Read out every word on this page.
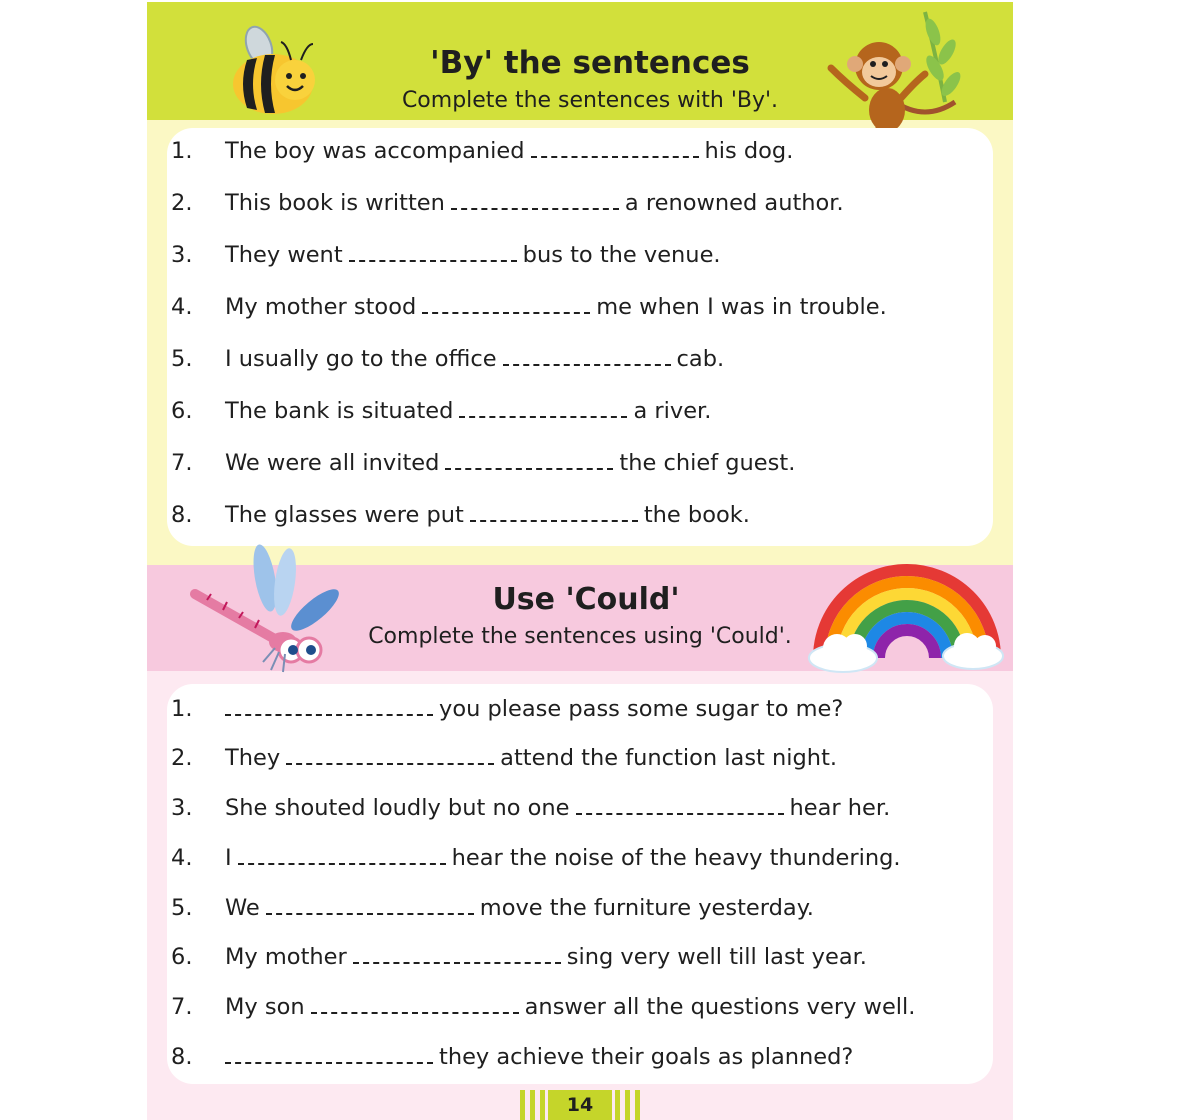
'By' the sentences
Complete the sentences with 'By'.
1. The boy was accompanied	his dog.
2. This book is written	a renowned author.
3. They went	bus to the venue.
4. My mother stood	me when I was in trouble.
5. I usually go to the office	cab.
6. The bank is situated	a river.
7. We were all invited	the chief guest.
8. The glasses were put	the book.
Use 'Could'
Complete the sentences using 'Could'.
1.	you please pass some sugar to me?
2. They	attend the function last night.
3. She shouted loudly but no one	hear her.
4. I	hear the noise of the heavy thundering.
5. We	move the furniture yesterday.
6. My mother	sing very well till last year.
7. My son	answer all the questions very well.
8.	they achieve their goals as planned?
14
